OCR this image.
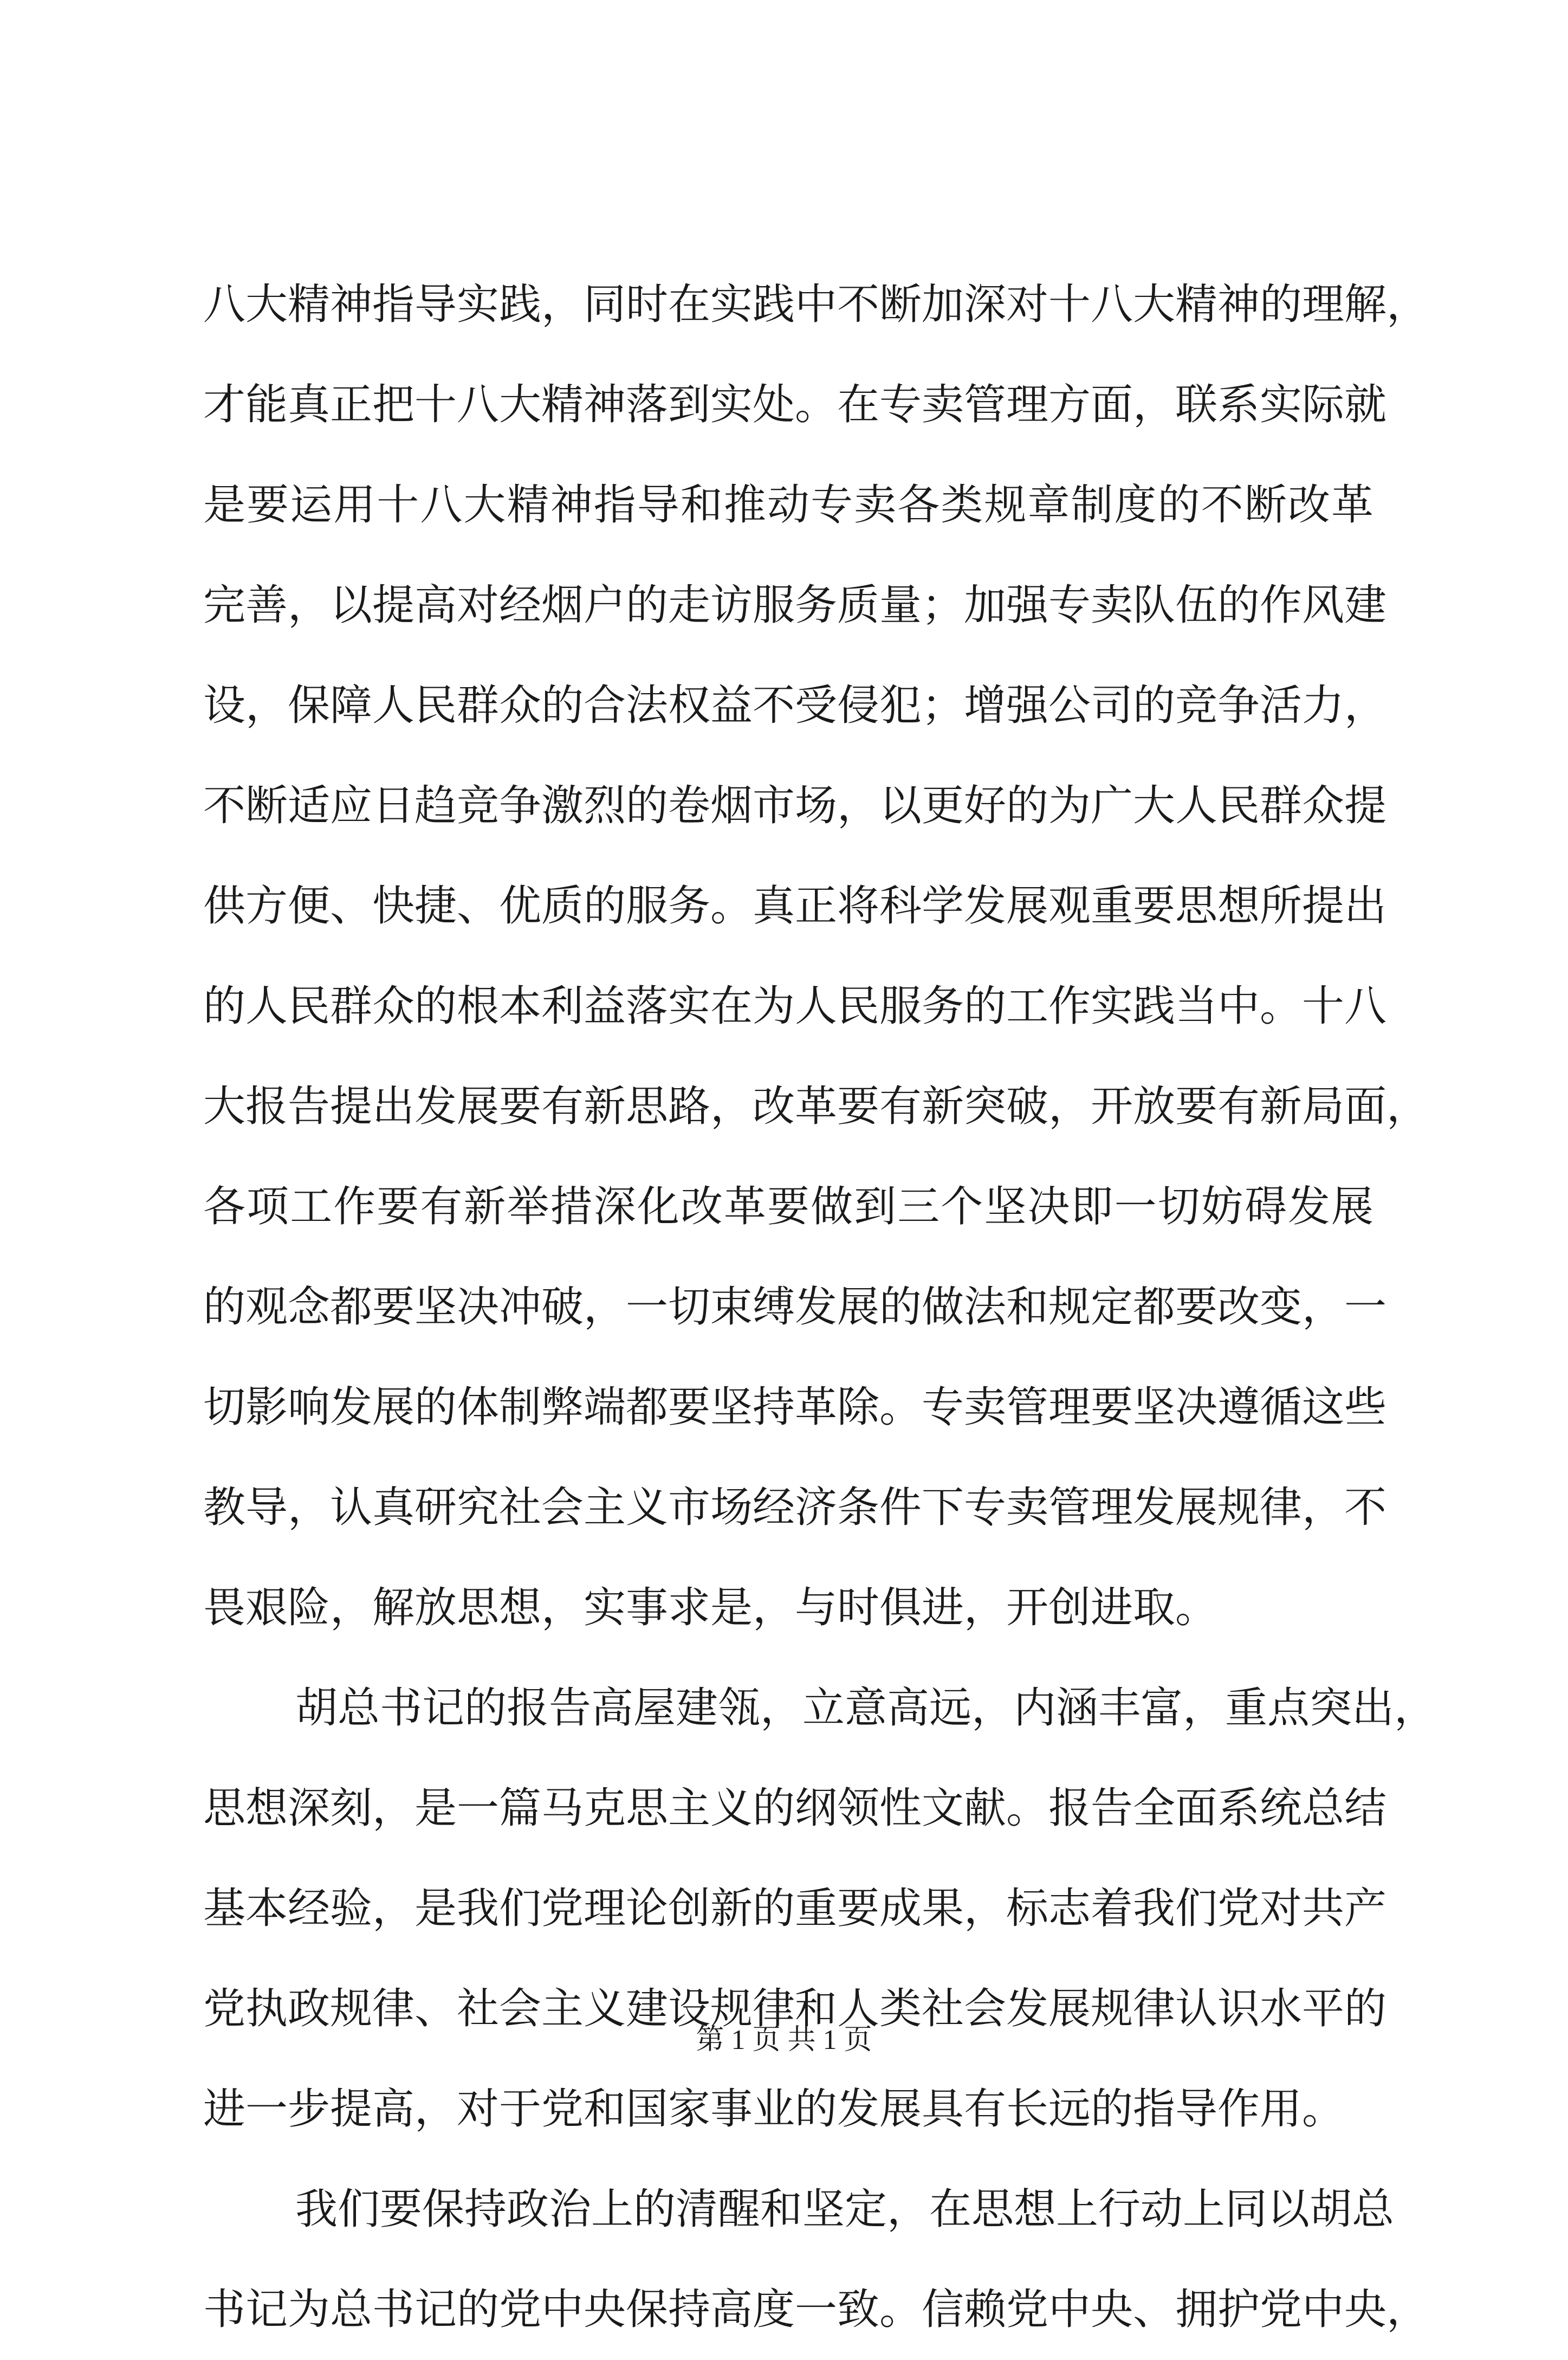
八大精神指导实践，同时在实践中不断加深对十八大精神的理解，
才能真正把十八大精神落到实处。在专卖管理方面，联系实际就
是要运用十八大精神指导和推动专卖各类规章制度的不断改革
完善，以提高对经烟户的走访服务质量；加强专卖队伍的作风建
设，保障人民群众的合法权益不受侵犯；增强公司的竞争活力，
不断适应日趋竞争激烈的卷烟市场，以更好的为广大人民群众提
供方便、快捷、优质的服务。真正将科学发展观重要思想所提出
的人民群众的根本利益落实在为人民服务的工作实践当中。十八
大报告提出发展要有新思路，改革要有新突破，开放要有新局面，
各项工作要有新举措深化改革要做到三个坚决即一切妨碍发展
的观念都要坚决冲破，一切束缚发展的做法和规定都要改变，一
切影响发展的体制弊端都要坚持革除。专卖管理要坚决遵循这些
教导，认真研究社会主义市场经济条件下专卖管理发展规律，不
畏艰险，解放思想，实事求是，与时俱进，开创进取。
胡总书记的报告高屋建瓴，立意高远，内涵丰富，重点突出，
思想深刻，是一篇马克思主义的纲领性文献。报告全面系统总结
基本经验，是我们党理论创新的重要成果，标志着我们党对共产
党执政规律、社会主义建设规律和人类社会发展规律认识水平的
进一步提高，对于党和国家事业的发展具有长远的指导作用。
我们要保持政治上的清醒和坚定，在思想上行动上同以胡总
书记为总书记的党中央保持高度一致。信赖党中央、拥护党中央，
第 1 页 共 1 页
